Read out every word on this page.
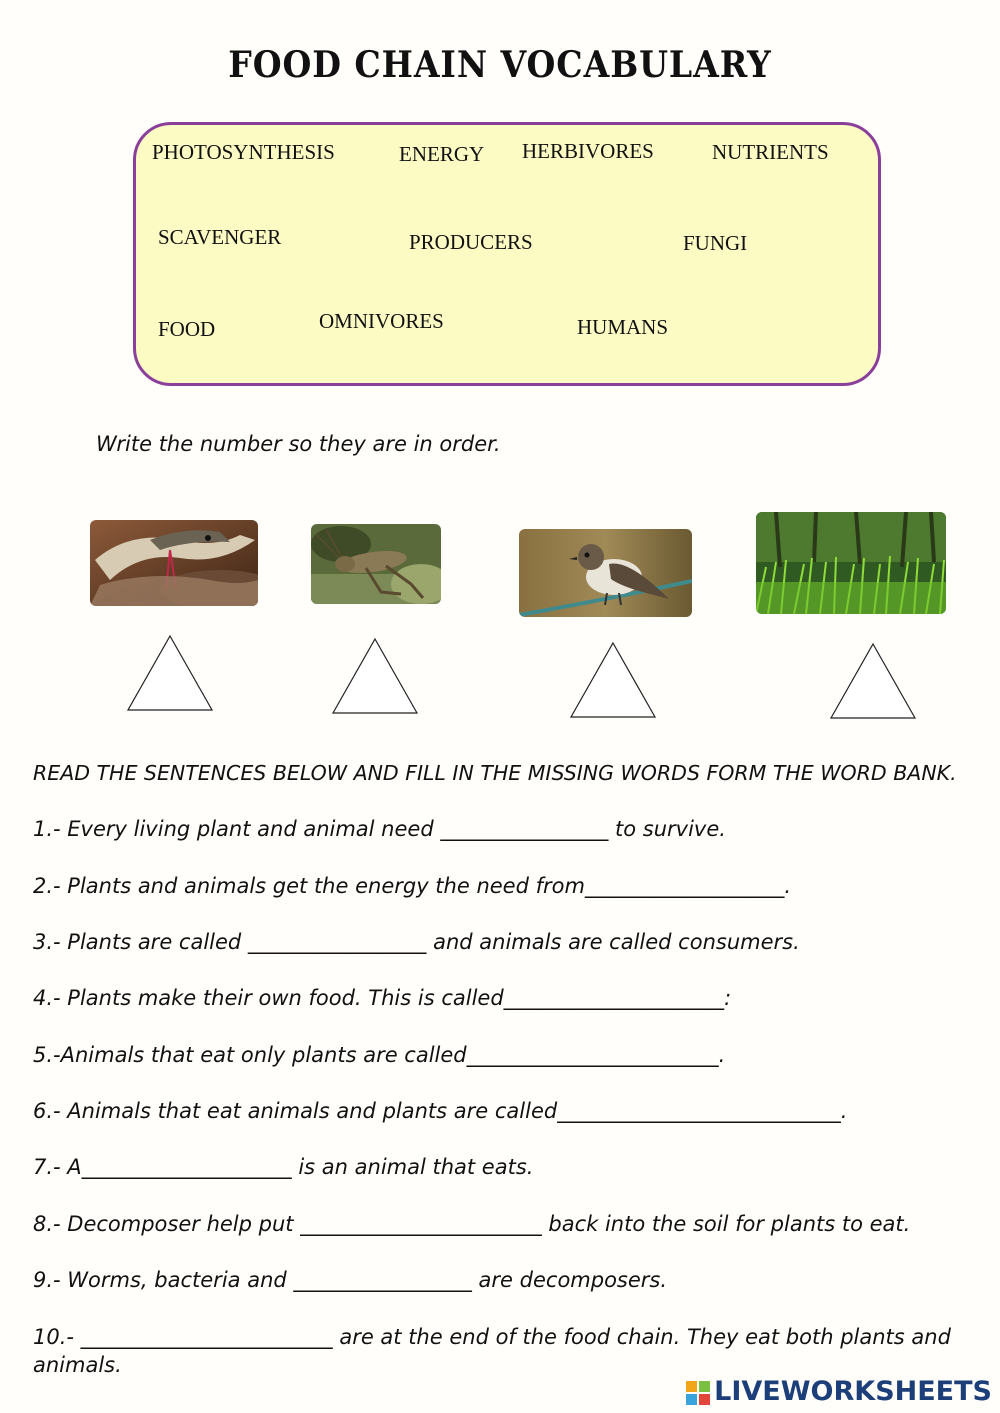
FOOD CHAIN VOCABULARY
PHOTOSYNTHESIS	ENERGY HERBIVORES	NUTRIENTS
SCAVENGER	PRODUCERS	FUNGI
FOOD	OMNIVORES	HUMANS
Write the number so they are in order.
READ THE SENTENCES BELOW AND FILL IN THE MISSING WORDS FORM THE WORD BANK.
1.- Every living plant and animal need ________________ to survive.
2.- Plants and animals get the energy the need from___________________.
3.- Plants are called _________________ and animals are called consumers.
4.- Plants make their own food. This is called_____________________:
5.-Animals that eat only plants are called________________________.
6.- Animals that eat animals and plants are called___________________________.
7.- A____________________ is an animal that eats.
8.- Decomposer help put _______________________ back into the soil for plants to eat.
9.- Worms, bacteria and _________________ are decomposers.
10.- ________________________ are at the end of the food chain. They eat both plants and
animals.
LIVEWORKSHEETS
